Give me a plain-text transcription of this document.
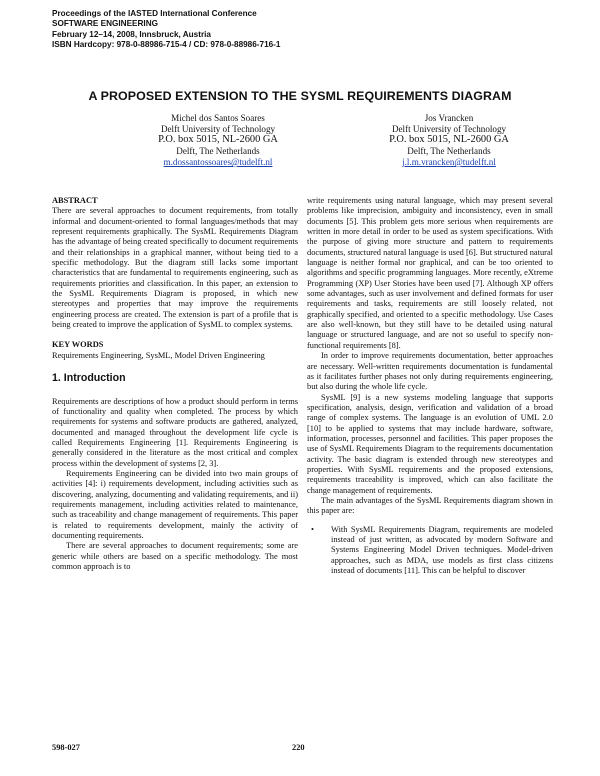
Proceedings of the IASTED International Conference
SOFTWARE ENGINEERING
February 12–14, 2008, Innsbruck, Austria
ISBN Hardcopy: 978-0-88986-715-4 / CD: 978-0-88986-716-1
A PROPOSED EXTENSION TO THE SYSML REQUIREMENTS DIAGRAM
Michel dos Santos Soares
Delft University of Technology
P.O. box 5015, NL-2600 GA
Delft, The Netherlands
m.dossantossoares@tudelft.nl
Jos Vrancken
Delft University of Technology
P.O. box 5015, NL-2600 GA
Delft, The Netherlands
j.l.m.vrancken@tudelft.nl

ABSTRACT

There are several approaches to document requirements, from totally informal and document-oriented to formal languages/methods that may represent requirements graphically. The SysML Requirements Diagram has the advantage of being created specifically to document requirements and their relationships in a graphical manner, without being tied to a specific methodology. But the diagram still lacks some important characteristics that are fundamental to requirements engineering, such as requirements priorities and classification. In this paper, an extension to the SysML Requirements Diagram is proposed, in which new stereotypes and properties that may improve the requirements engineering process are created. The extension is part of a profile that is being created to improve the application of SysML to complex systems.

KEY WORDS

Requirements Engineering, SysML, Model Driven Engineering

1. Introduction

Requirements are descriptions of how a product should perform in terms of functionality and quality when completed. The process by which requirements for systems and software products are gathered, analyzed, documented and managed throughout the development life cycle is called Requirements Engineering [1]. Requirements Engineering is generally considered in the literature as the most critical and complex process within the development of systems [2, 3].

Requirements Engineering can be divided into two main groups of activities [4]: i) requirements development, including activities such as discovering, analyzing, documenting and validating requirements, and ii) requirements management, including activities related to maintenance, such as traceability and change management of requirements. This paper is related to requirements development, mainly the activity of documenting requirements.

There are several approaches to document requirements; some are generic while others are based on a specific methodology. The most common approach is to

write requirements using natural language, which may present several problems like imprecision, ambiguity and inconsistency, even in small documents [5]. This problem gets more serious when requirements are written in more detail in order to be used as system specifications. With the purpose of giving more structure and pattern to requirements documents, structured natural language is used [6]. But structured natural language is neither formal nor graphical, and can be too oriented to algorithms and specific programming languages. More recently, eXtreme Programming (XP) User Stories have been used [7]. Although XP offers some advantages, such as user involvement and defined formats for user requirements and tasks, requirements are still loosely related, not graphically specified, and oriented to a specific methodology. Use Cases are also well-known, but they still have to be detailed using natural language or structured language, and are not so useful to specify non-functional requirements [8].

In order to improve requirements documentation, better approaches are necessary. Well-written requirements documentation is fundamental as it facilitates further phases not only during requirements engineering, but also during the whole life cycle.

SysML [9] is a new systems modeling language that supports specification, analysis, design, verification and validation of a broad range of complex systems. The language is an evolution of UML 2.0 [10] to be applied to systems that may include hardware, software, information, processes, personnel and facilities. This paper proposes the use of SysML Requirements Diagram to the requirements documentation activity. The basic diagram is extended through new stereotypes and properties. With SysML requirements and the proposed extensions, requirements traceability is improved, which can also facilitate the change management of requirements.

The main advantages of the SysML Requirements diagram shown in this paper are:

• With SysML Requirements Diagram, requirements are modeled instead of just written, as advocated by modern Software and Systems Engineering Model Driven techniques. Model-driven approaches, such as MDA, use models as first class citizens instead of documents [11]. This can be helpful to discover
598-027	220
